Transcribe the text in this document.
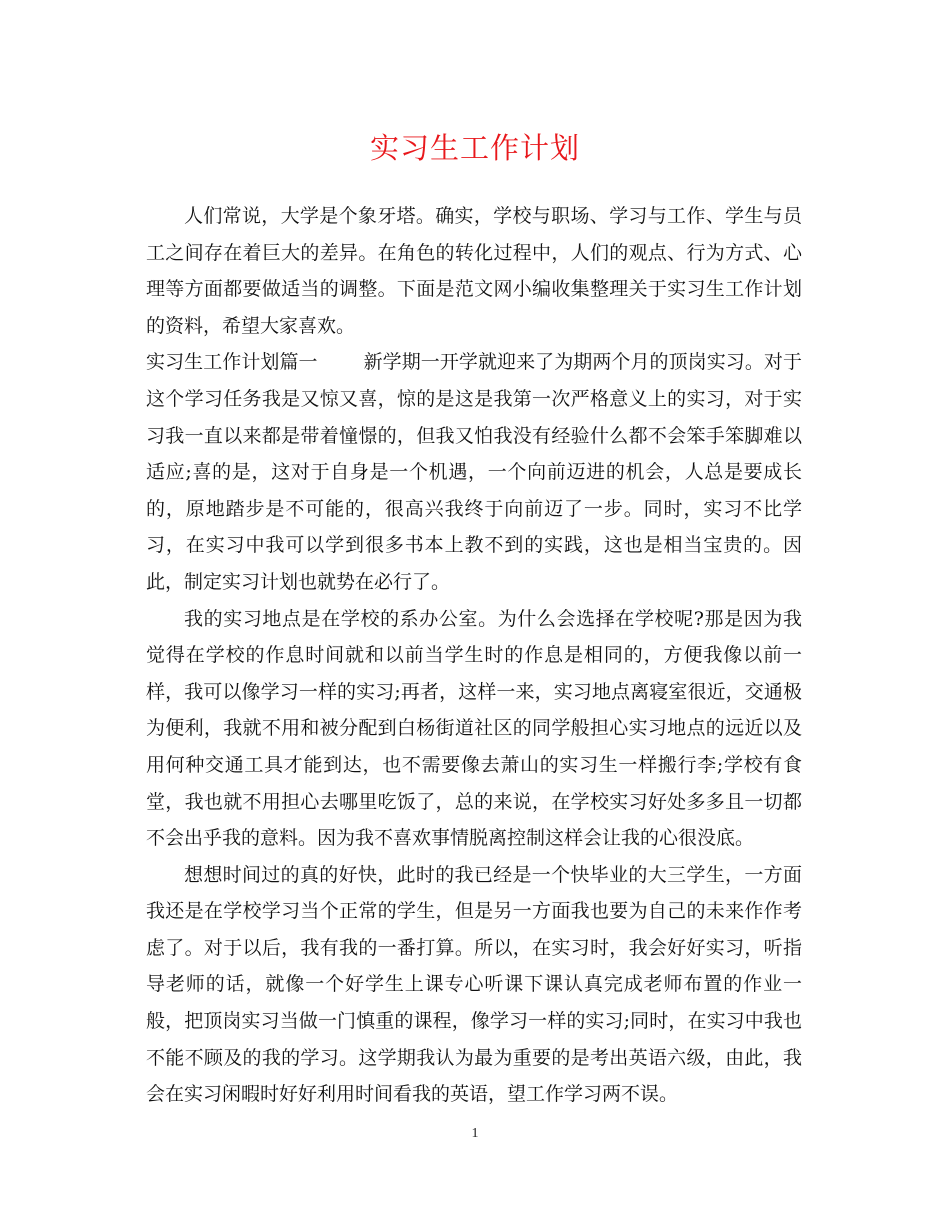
实习生工作计划

人们常说，大学是个象牙塔。确实，学校与职场、学习与工作、学生与员工之间存在着巨大的差异。在角色的转化过程中，人们的观点、行为方式、心理等方面都要做适当的调整。下面是范文网小编收集整理关于实习生工作计划的资料，希望大家喜欢。

实习生工作计划篇一 新学期一开学就迎来了为期两个月的顶岗实习。对于这个学习任务我是又惊又喜，惊的是这是我第一次严格意义上的实习，对于实习我一直以来都是带着憧憬的，但我又怕我没有经验什么都不会笨手笨脚难以适应;喜的是，这对于自身是一个机遇，一个向前迈进的机会，人总是要成长的，原地踏步是不可能的，很高兴我终于向前迈了一步。同时，实习不比学习，在实习中我可以学到很多书本上教不到的实践，这也是相当宝贵的。因此，制定实习计划也就势在必行了。

我的实习地点是在学校的系办公室。为什么会选择在学校呢?那是因为我觉得在学校的作息时间就和以前当学生时的作息是相同的，方便我像以前一样，我可以像学习一样的实习;再者，这样一来，实习地点离寝室很近，交通极为便利，我就不用和被分配到白杨街道社区的同学般担心实习地点的远近以及用何种交通工具才能到达，也不需要像去萧山的实习生一样搬行李;学校有食堂，我也就不用担心去哪里吃饭了，总的来说，在学校实习好处多多且一切都不会出乎我的意料。因为我不喜欢事情脱离控制这样会让我的心很没底。

想想时间过的真的好快，此时的我已经是一个快毕业的大三学生，一方面我还是在学校学习当个正常的学生，但是另一方面我也要为自己的未来作作考虑了。对于以后，我有我的一番打算。所以，在实习时，我会好好实习，听指导老师的话，就像一个好学生上课专心听课下课认真完成老师布置的作业一般，把顶岗实习当做一门慎重的课程，像学习一样的实习;同时，在实习中我也不能不顾及的我的学习。这学期我认为最为重要的是考出英语六级，由此，我会在实习闲暇时好好利用时间看我的英语，望工作学习两不误。

1
